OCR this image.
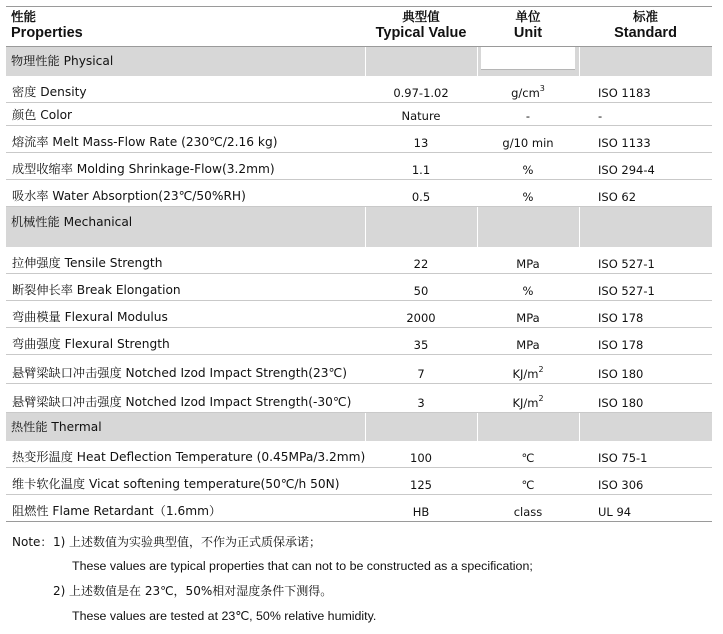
性能	典型值	单位	标准
Properties	Typical Value	Unit	Standard
物理性能 Physical		

密度 Density	0.97-1.02	$g/cm^3$	ISO 1183
颜色 Color	Nature	-	-
熔流率 Melt Mass-Flow Rate (230℃/2.16 kg)	13	g/10 min	ISO 1133
成型收缩率 Molding Shrinkage-Flow(3.2mm)	1.1	%	ISO 294-4
吸水率 Water Absorption(23℃/50%RH)	0.5	%	ISO 62
机械性能 Mechanical			
拉伸强度 Tensile Strength	22	MPa	ISO 527-1
断裂伸长率 Break Elongation	50	%	ISO 527-1
弯曲模量 Flexural Modulus	2000	MPa	ISO 178
弯曲强度 Flexural Strength	35	MPa	ISO 178
悬臂梁缺口冲击强度 Notched Izod Impact Strength(23℃)	7	$KJ/m^2$	ISO 180
悬臂梁缺口冲击强度 Notched Izod Impact Strength(-30℃)	3	$KJ/m^2$	ISO 180
热性能 Thermal			
热变形温度 Heat Deflection Temperature (0.45MPa/3.2mm)	100	℃	ISO 75-1
维卡软化温度 Vicat softening temperature(50℃/h 50N)	125	℃	ISO 306
阻燃性 Flame Retardant（1.6mm）	HB	class	UL 94
Note： 1) 上述数值为实验典型值，不作为正式质保承诺；
These values are typical properties that can not to be constructed as a specification;
2) 上述数值是在 23℃，50%相对湿度条件下测得。
These values are tested at 23℃, 50% relative humidity.
